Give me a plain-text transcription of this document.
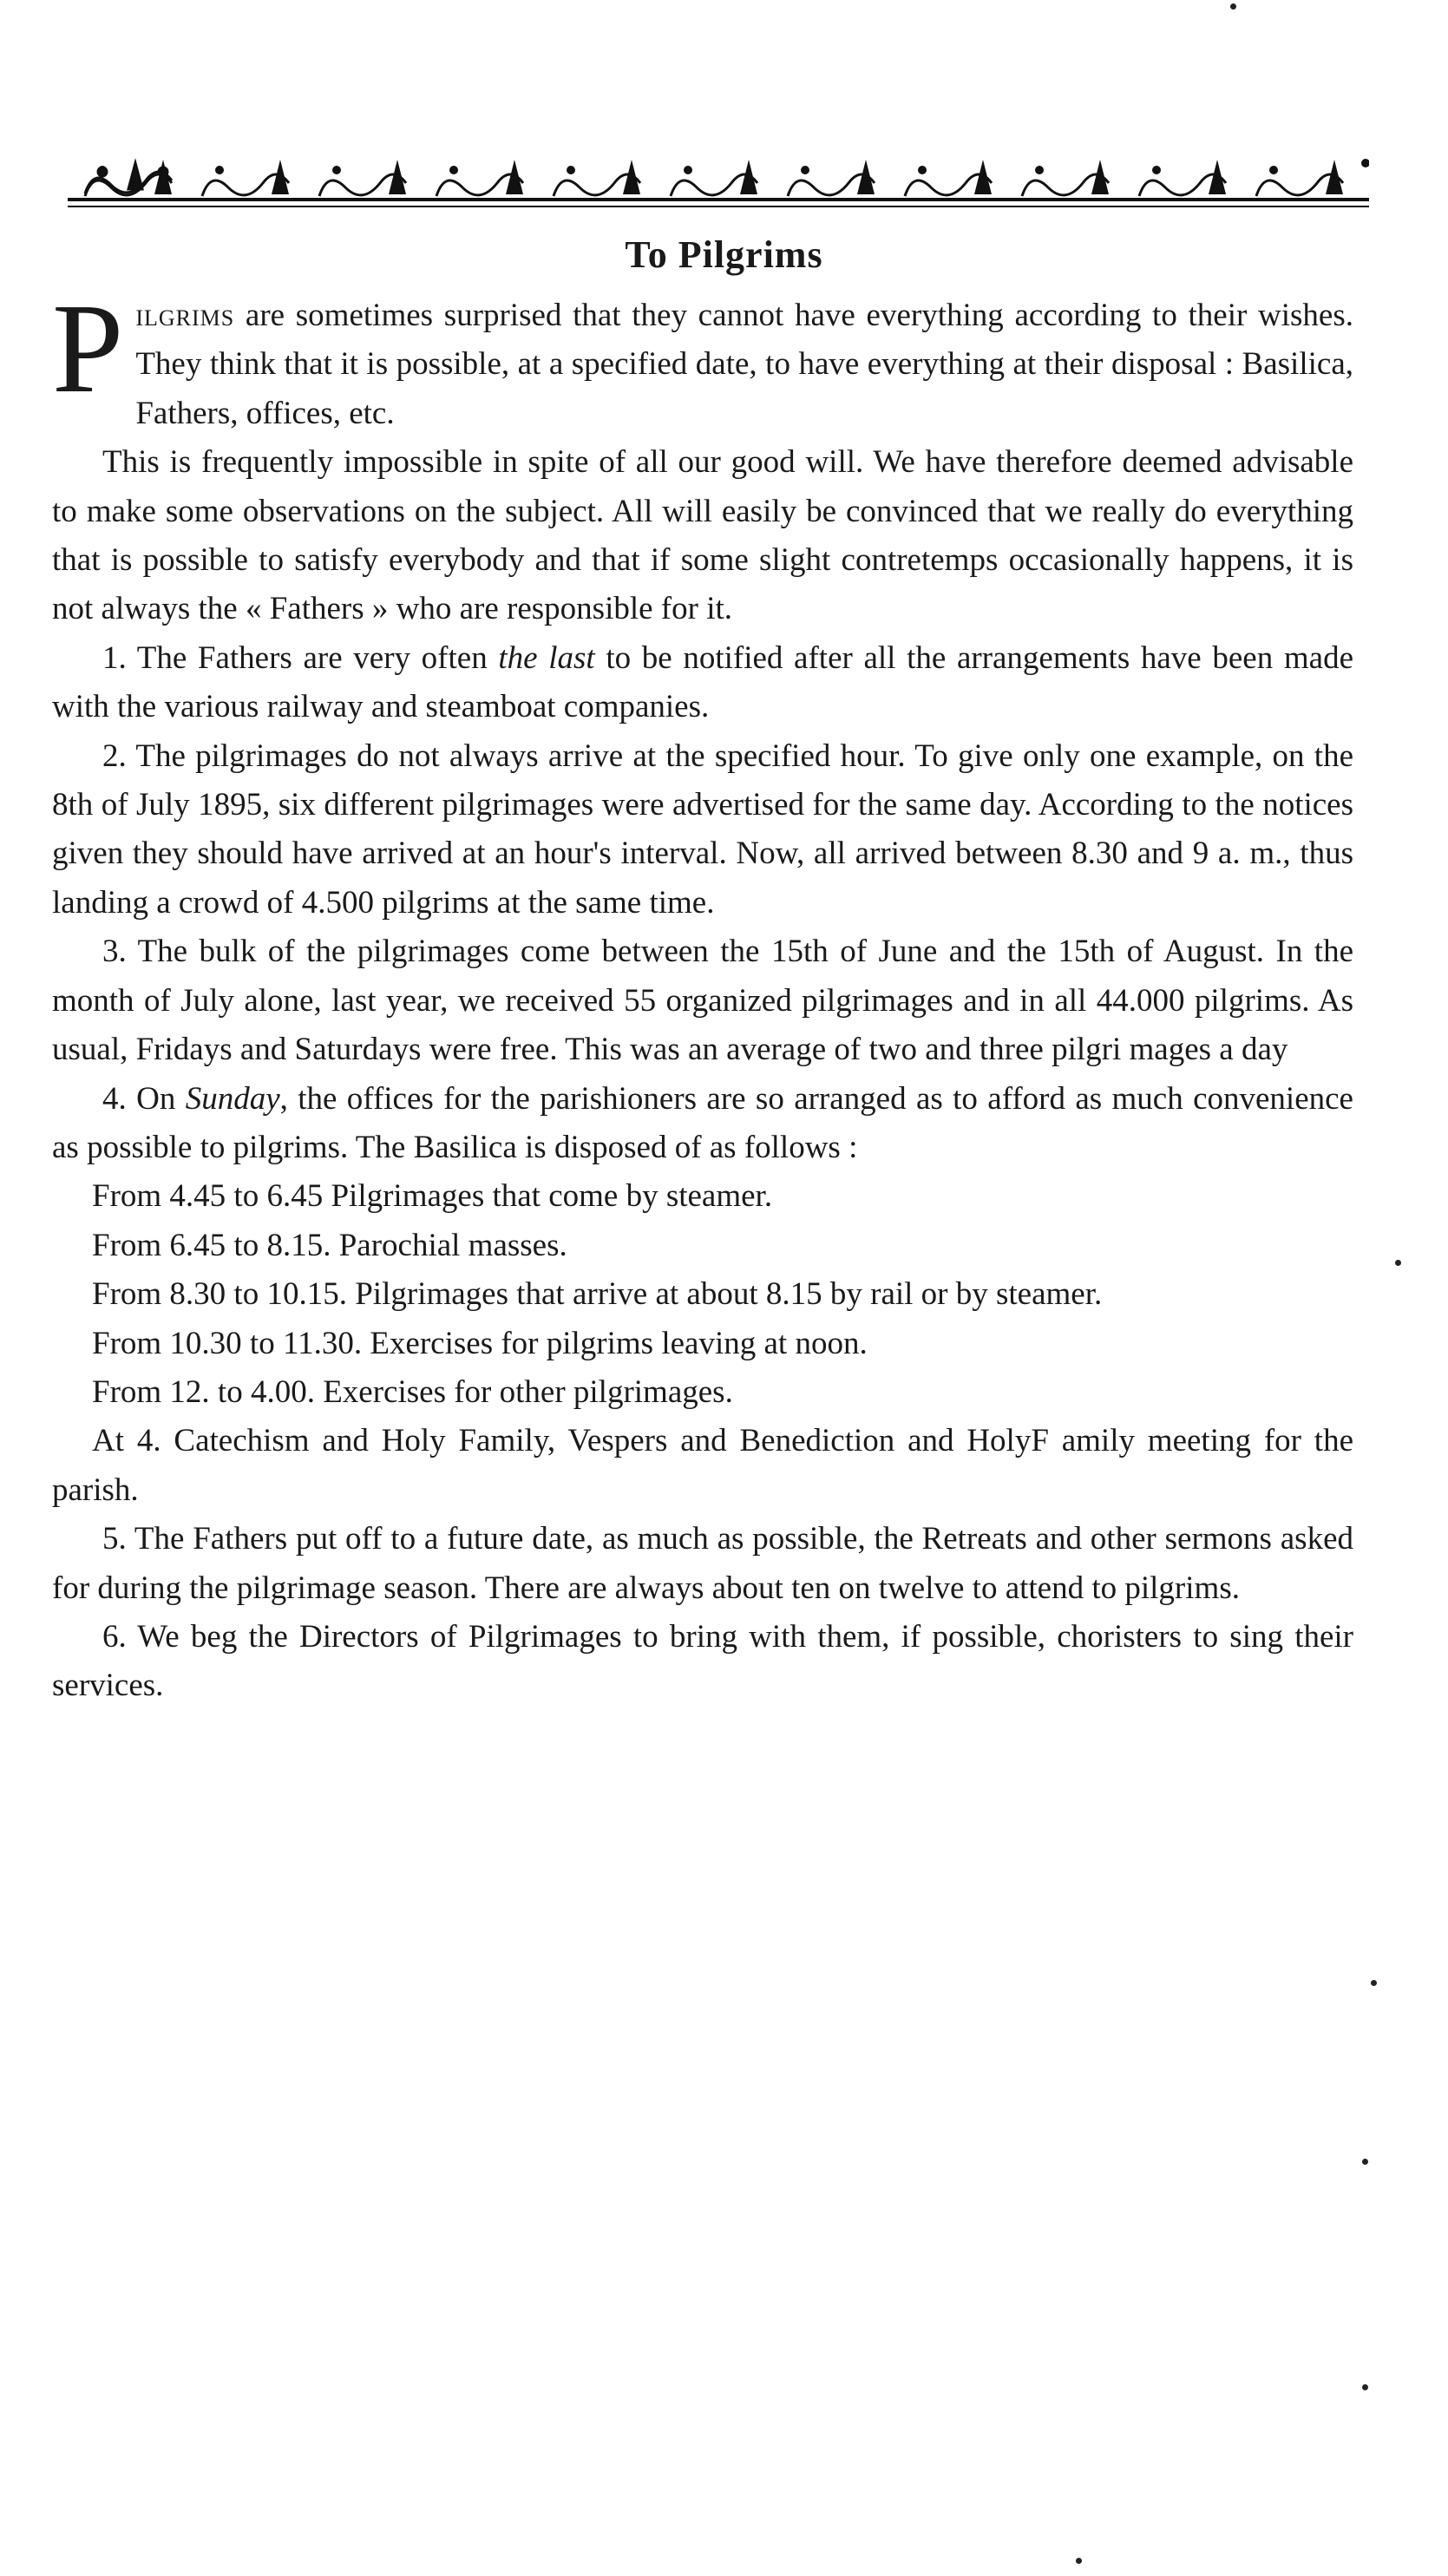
To Pilgrims

Pilgrims are sometimes surprised that they cannot have everything according to their wishes. They think that it is possible, at a specified date, to have everything at their disposal : Basilica, Fathers, offices, etc.

This is frequently impossible in spite of all our good will. We have therefore deemed advisable to make some observations on the subject. All will easily be convinced that we really do everything that is possible to satisfy everybody and that if some slight contretemps occasionally happens, it is not always the « Fathers » who are responsible for it.

1. The Fathers are very often the last to be notified after all the arrangements have been made with the various railway and steamboat companies.

2. The pilgrimages do not always arrive at the specified hour. To give only one example, on the 8th of July 1895, six different pilgrimages were advertised for the same day. According to the notices given they should have arrived at an hour's interval. Now, all arrived between 8.30 and 9 a. m., thus landing a crowd of 4.500 pilgrims at the same time.

3. The bulk of the pilgrimages come between the 15th of June and the 15th of August. In the month of July alone, last year, we received 55 organized pilgrimages and in all 44.000 pilgrims. As usual, Fridays and Saturdays were free. This was an average of two and three pilgri mages a day

4. On Sunday, the offices for the parishioners are so arranged as to afford as much convenience as possible to pilgrims. The Basilica is disposed of as follows :

From 4.45 to 6.45 Pilgrimages that come by steamer.

From 6.45 to 8.15. Parochial masses.

From 8.30 to 10.15. Pilgrimages that arrive at about 8.15 by rail or by steamer.

From 10.30 to 11.30. Exercises for pilgrims leaving at noon.

From 12. to 4.00. Exercises for other pilgrimages.

At 4. Catechism and Holy Family, Vespers and Benediction and HolyF amily meeting for the parish.

5. The Fathers put off to a future date, as much as possible, the Retreats and other sermons asked for during the pilgrimage season. There are always about ten on twelve to attend to pilgrims.

6. We beg the Directors of Pilgrimages to bring with them, if possible, choristers to sing their services.
